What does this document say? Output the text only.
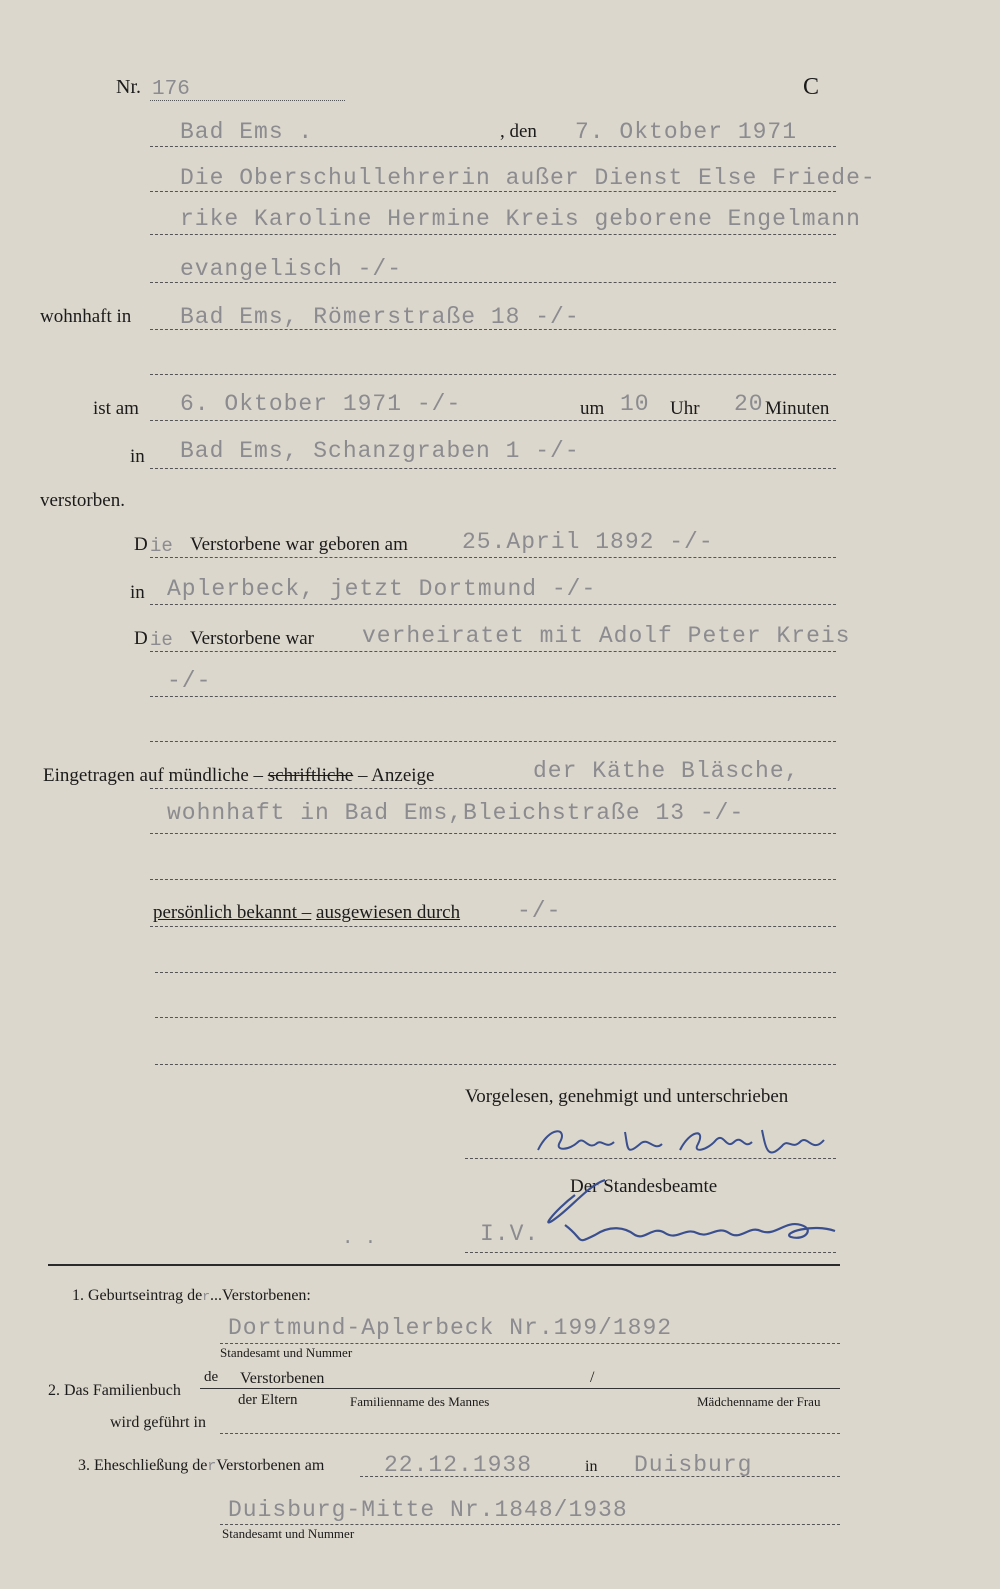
Nr. 176	C
Bad Ems .	, den 7. Oktober 1971
Die Oberschullehrerin außer Dienst Else Friede-
rike Karoline Hermine Kreis geborene Engelmann
evangelisch -/-
wohnhaft in Bad Ems, Römerstraße 18 -/-
ist am 6. Oktober 1971 -/-	um 10 Uhr 20 Minuten
in Bad Ems, Schanzgraben 1 -/-
verstorben.
D ie Verstorbene war geboren am 25.April 1892 -/-
in Aplerbeck, jetzt Dortmund -/-
D ie Verstorbene war verheiratet mit Adolf Peter Kreis
-/-
Eingetragen auf mündliche – schriftliche – Anzeige	der Käthe Bläsche,
wohnhaft in Bad Ems,Bleichstraße 13 -/-
persönlich bekannt – ausgewiesen durch -/-
Vorgelesen, genehmigt und unterschrieben
Der Standesbeamte
. .	I.V.
1. Geburtseintrag der...Verstorbenen:
Dortmund-Aplerbeck Nr.199/1892
Standesamt und Nummer
2. Das Familienbuch
de Verstorbenen	/
der Eltern	Familienname des Mannes	Mädchenname der Frau
wird geführt in
3. Eheschließung derVerstorbenen am	22.12.1938	in Duisburg
Duisburg-Mitte Nr.1848/1938
Standesamt und Nummer
